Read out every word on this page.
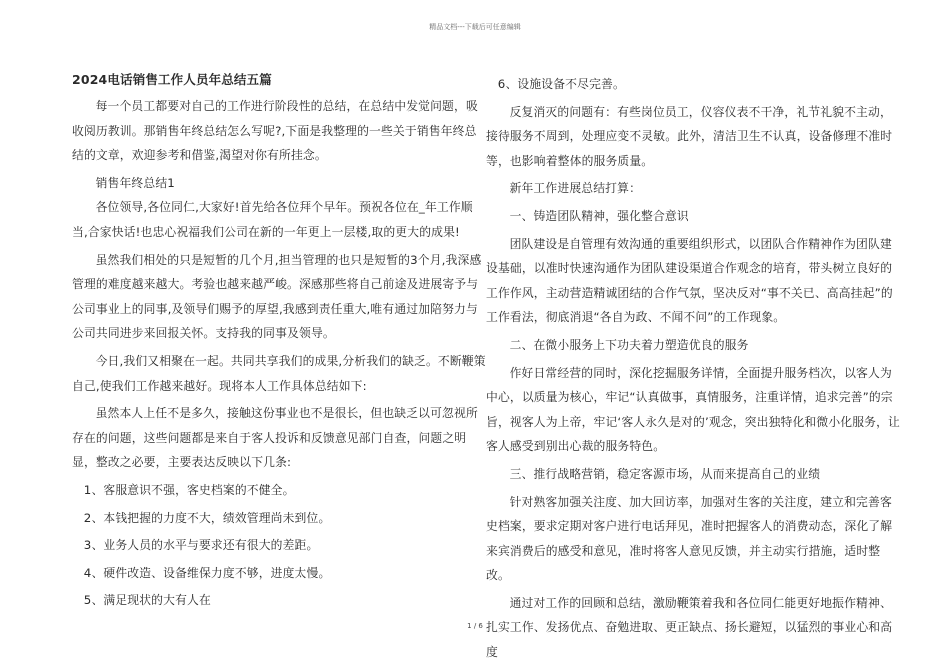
精品文档---下载后可任意编辑

2024电话销售工作人员年总结五篇

每一个员工都要对自己的工作进行阶段性的总结，在总结中发觉问题，吸收阅历教训。那销售年终总结怎么写呢?,下面是我整理的一些关于销售年终总结的文章，欢迎参考和借鉴,渴望对你有所挂念。

销售年终总结1

各位领导,各位同仁,大家好!首先给各位拜个早年。预祝各位在_年工作顺当,合家快话!也忠心祝福我们公司在新的一年更上一层楼,取的更大的成果!

虽然我们相处的只是短暂的几个月,担当管理的也只是短暂的3个月,我深感管理的难度越来越大。考验也越来越严峻。深感那些将自己前途及进展寄予与公司事业上的同事,及领导们赐予的厚望,我感到责任重大,唯有通过加陪努力与公司共同进步来回报关怀。支持我的同事及领导。

今日,我们又相聚在一起。共同共享我们的成果,分析我们的缺乏。不断鞭策自己,使我们工作越来越好。现将本人工作具体总结如下:

虽然本人上任不是多久，接触这份事业也不是很长，但也缺乏以可忽视所存在的问题，这些问题都是来自于客人投诉和反馈意见部门自查，问题之明显，整改之必要，主要表达反映以下几条:

1、客服意识不强，客史档案的不健全。

2、本钱把握的力度不大，绩效管理尚未到位。

3、业务人员的水平与要求还有很大的差距。

4、硬件改造、设备维保力度不够，进度太慢。

5、满足现状的大有人在

6、设施设备不尽完善。

反复消灭的问题有：有些岗位员工，仪容仪表不干净，礼节礼貌不主动，接待服务不周到，处理应变不灵敏。此外，清洁卫生不认真，设备修理不准时等，也影响着整体的服务质量。

新年工作进展总结打算：

一、铸造团队精神，强化整合意识

团队建设是自管理有效沟通的重要组织形式，以团队合作精神作为团队建设基础，以准时快速沟通作为团队建设渠道合作观念的培育，带头树立良好的工作作风，主动营造精诚团结的合作气氛，坚决反对“事不关已、高高挂起”的工作看法，彻底消退“各自为政、不闻不问”的工作现象。

二、在微小服务上下功夫着力塑造优良的服务

作好日常经营的同时，深化挖掘服务详情，全面提升服务档次，以客人为中心，以质量为核心，牢记“认真做事，真情服务，注重详情，追求完善”的宗旨，视客人为上帝，牢记‘客人永久是对的’观念，突出独特化和微小化服务，让客人感受到别出心裁的服务特色。

三、推行战略营销，稳定客源市场，从而来提高自己的业绩

针对熟客加强关注度、加大回访率，加强对生客的关注度，建立和完善客史档案，要求定期对客户进行电话拜见，准时把握客人的消费动态，深化了解来宾消费后的感受和意见，准时将客人意见反馈，并主动实行措施，适时整改。

通过对工作的回顾和总结，激励鞭策着我和各位同仁能更好地振作精神、扎实工作、发扬优点、奋勉进取、更正缺点、扬长避短，以猛烈的事业心和高度

1 / 6
